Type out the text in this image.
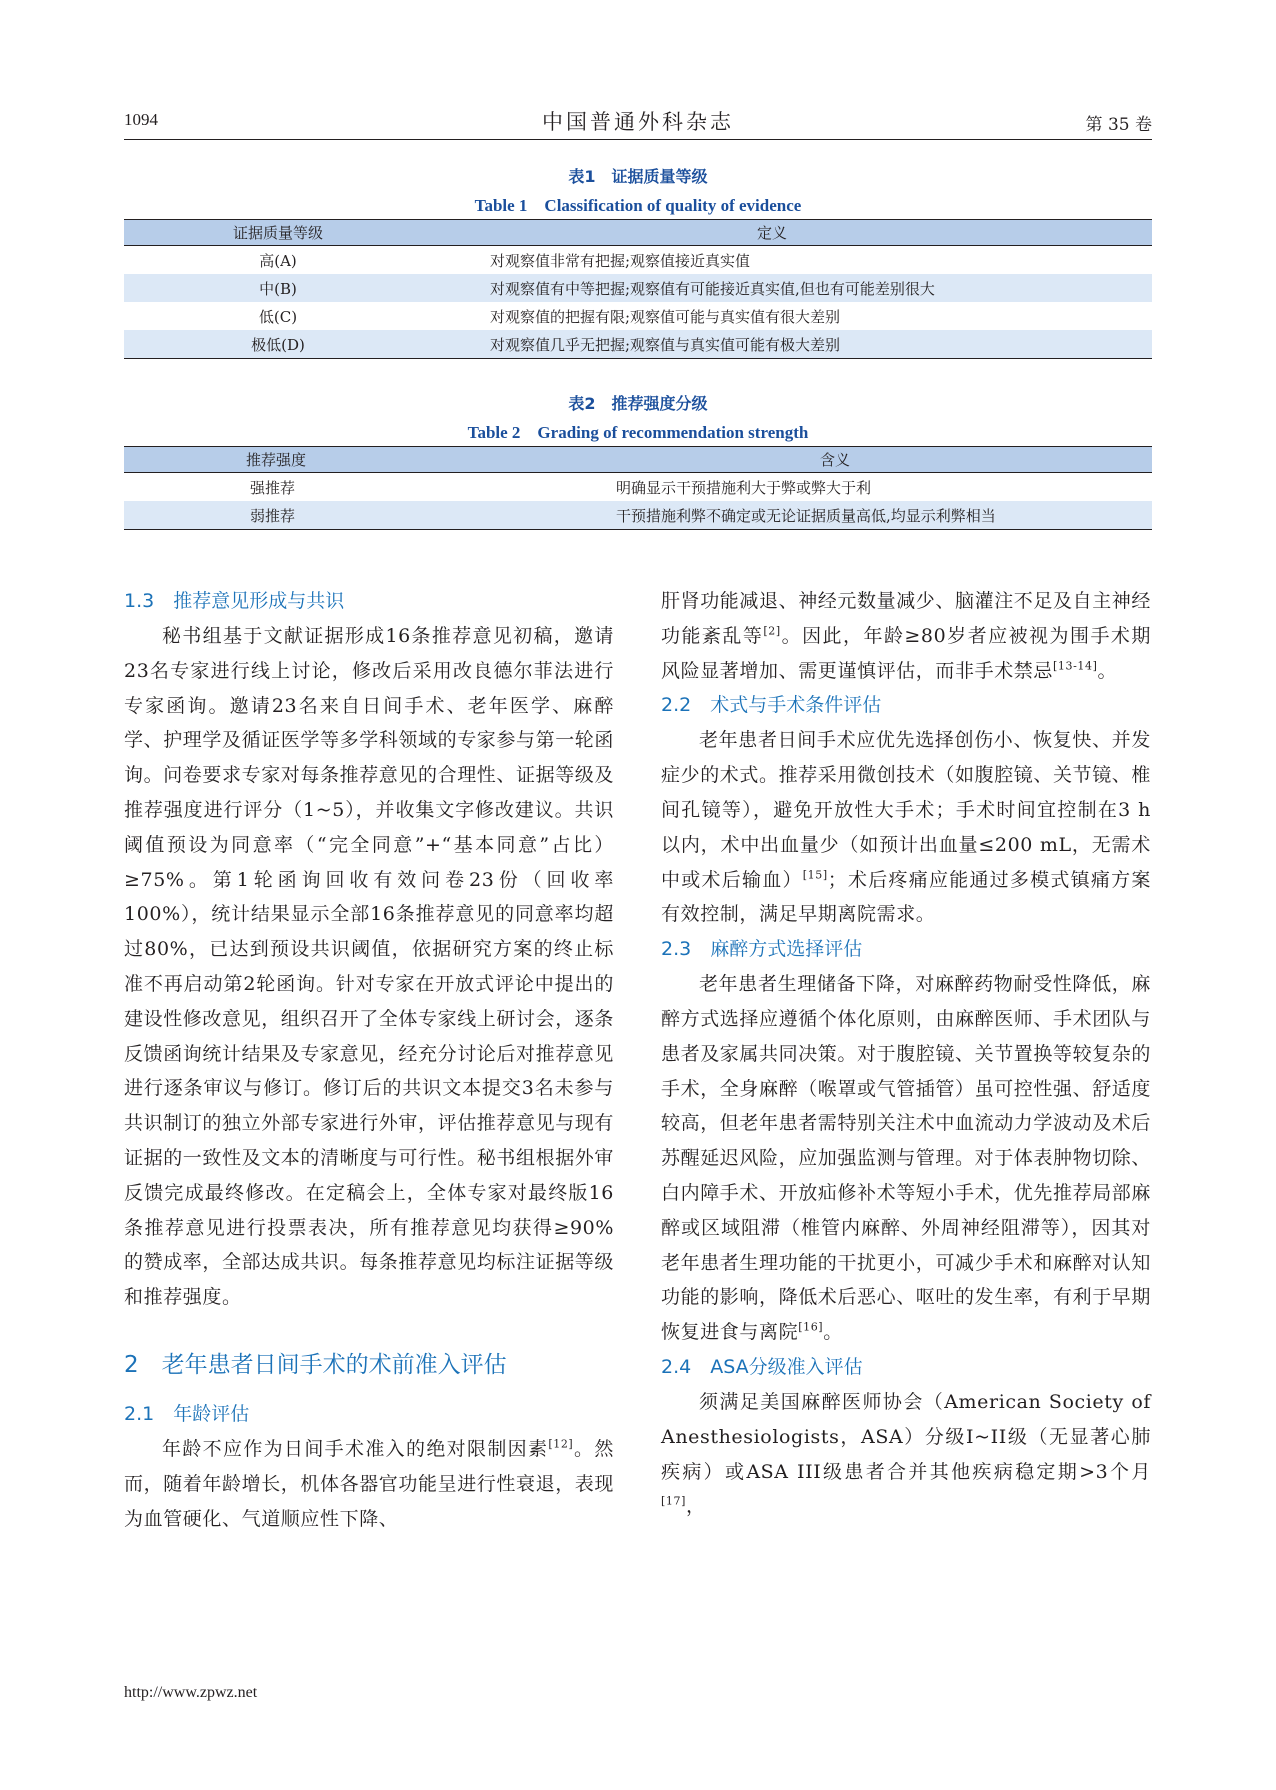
1094	中国普通外科杂志	第 35 卷
表1　证据质量等级
Table 1　Classification of quality of evidence
证据质量等级	定义
高(A)	对观察值非常有把握;观察值接近真实值
中(B)	对观察值有中等把握;观察值有可能接近真实值,但也有可能差别很大
低(C)	对观察值的把握有限;观察值可能与真实值有很大差别
极低(D)	对观察值几乎无把握;观察值与真实值可能有极大差别
表2　推荐强度分级
Table 2　Grading of recommendation strength
推荐强度	含义
强推荐	明确显示干预措施利大于弊或弊大于利
弱推荐	干预措施利弊不确定或无论证据质量高低,均显示利弊相当
1.3　推荐意见形成与共识
秘书组基于文献证据形成16条推荐意见初稿，邀请23名专家进行线上讨论，修改后采用改良德尔菲法进行专家函询。邀请23名来自日间手术、老年医学、麻醉学、护理学及循证医学等多学科领域的专家参与第一轮函询。问卷要求专家对每条推荐意见的合理性、证据等级及推荐强度进行评分（1~5），并收集文字修改建议。共识阈值预设为同意率（“完全同意”+“基本同意”占比）≥75%。第1轮函询回收有效问卷23份（回收率100%），统计结果显示全部16条推荐意见的同意率均超过80%，已达到预设共识阈值，依据研究方案的终止标准不再启动第2轮函询。针对专家在开放式评论中提出的建设性修改意见，组织召开了全体专家线上研讨会，逐条反馈函询统计结果及专家意见，经充分讨论后对推荐意见进行逐条审议与修订。修订后的共识文本提交3名未参与共识制订的独立外部专家进行外审，评估推荐意见与现有证据的一致性及文本的清晰度与可行性。秘书组根据外审反馈完成最终修改。在定稿会上，全体专家对最终版16条推荐意见进行投票表决，所有推荐意见均获得≥90%的赞成率，全部达成共识。每条推荐意见均标注证据等级和推荐强度。
2　老年患者日间手术的术前准入评估
2.1　年龄评估
年龄不应作为日间手术准入的绝对限制因素[12]。然而，随着年龄增长，机体各器官功能呈进行性衰退，表现为血管硬化、气道顺应性下降、
肝肾功能减退、神经元数量减少、脑灌注不足及自主神经功能紊乱等[2]。因此，年龄≥80岁者应被视为围手术期风险显著增加、需更谨慎评估，而非手术禁忌[13-14]。
2.2　术式与手术条件评估
老年患者日间手术应优先选择创伤小、恢复快、并发症少的术式。推荐采用微创技术（如腹腔镜、关节镜、椎间孔镜等），避免开放性大手术；手术时间宜控制在3 h以内，术中出血量少（如预计出血量≤200 mL，无需术中或术后输血）[15]；术后疼痛应能通过多模式镇痛方案有效控制，满足早期离院需求。
2.3　麻醉方式选择评估
老年患者生理储备下降，对麻醉药物耐受性降低，麻醉方式选择应遵循个体化原则，由麻醉医师、手术团队与患者及家属共同决策。对于腹腔镜、关节置换等较复杂的手术，全身麻醉（喉罩或气管插管）虽可控性强、舒适度较高，但老年患者需特别关注术中血流动力学波动及术后苏醒延迟风险，应加强监测与管理。对于体表肿物切除、白内障手术、开放疝修补术等短小手术，优先推荐局部麻醉或区域阻滞（椎管内麻醉、外周神经阻滞等），因其对老年患者生理功能的干扰更小，可减少手术和麻醉对认知功能的影响，降低术后恶心、呕吐的发生率，有利于早期恢复进食与离院[16]。
2.4　ASA分级准入评估
须满足美国麻醉医师协会（American Society of Anesthesiologists，ASA）分级I~II级（无显著心肺疾病）或ASA III级患者合并其他疾病稳定期>3个月[17]，
http://www.zpwz.net
